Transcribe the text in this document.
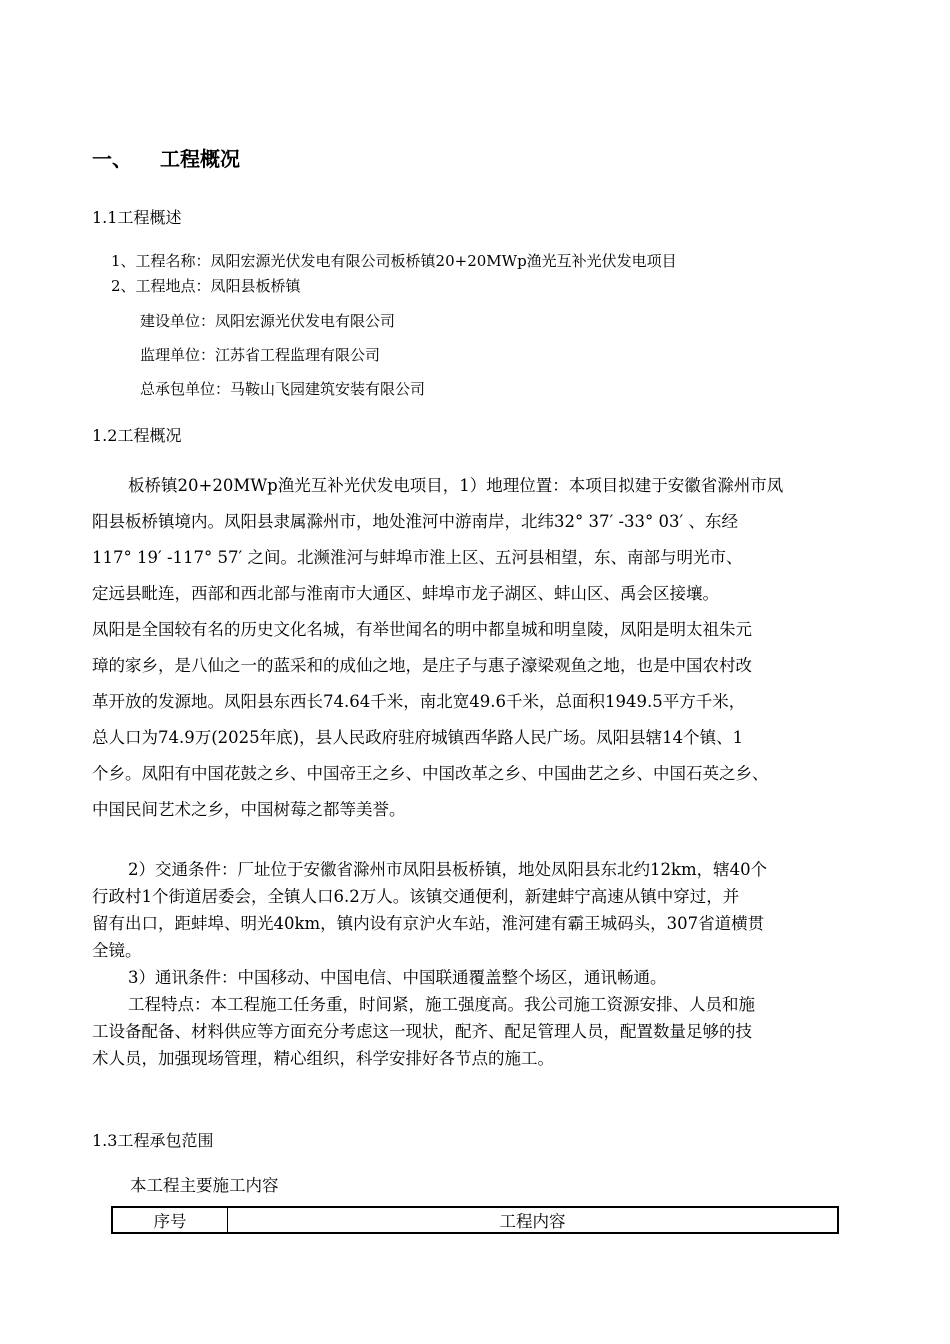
一、 工程概况
1.1工程概述
1、工程名称：凤阳宏源光伏发电有限公司板桥镇20+20MWp渔光互补光伏发电项目
2、工程地点：凤阳县板桥镇
建设单位：凤阳宏源光伏发电有限公司
监理单位：江苏省工程监理有限公司
总承包单位：马鞍山飞园建筑安装有限公司
1.2工程概况
板桥镇20+20MWp渔光互补光伏发电项目，1）地理位置：本项目拟建于安徽省滁州市凤
阳县板桥镇境内。凤阳县隶属滁州市，地处淮河中游南岸，北纬32° 37′ -33° 03′ 、东经
117° 19′ -117° 57′ 之间。北濒淮河与蚌埠市淮上区、五河县相望，东、南部与明光市、
定远县毗连，西部和西北部与淮南市大通区、蚌埠市龙子湖区、蚌山区、禹会区接壤。
凤阳是全国较有名的历史文化名城，有举世闻名的明中都皇城和明皇陵，凤阳是明太祖朱元
璋的家乡，是八仙之一的蓝采和的成仙之地，是庄子与惠子濠梁观鱼之地，也是中国农村改
革开放的发源地。凤阳县东西长74.64千米，南北宽49.6千米，总面积1949.5平方千米，
总人口为74.9万(2025年底)，县人民政府驻府城镇西华路人民广场。凤阳县辖14个镇、1
个乡。凤阳有中国花鼓之乡、中国帝王之乡、中国改革之乡、中国曲艺之乡、中国石英之乡、
中国民间艺术之乡，中国树莓之都等美誉。
2）交通条件：厂址位于安徽省滁州市凤阳县板桥镇，地处凤阳县东北约12km，辖40个
行政村1个街道居委会，全镇人口6.2万人。该镇交通便利，新建蚌宁高速从镇中穿过，并
留有出口，距蚌埠、明光40km，镇内设有京沪火车站，淮河建有霸王城码头，307省道横贯
全镜。
3）通讯条件：中国移动、中国电信、中国联通覆盖整个场区，通讯畅通。
工程特点：本工程施工任务重，时间紧，施工强度高。我公司施工资源安排、人员和施
工设备配备、材料供应等方面充分考虑这一现状，配齐、配足管理人员，配置数量足够的技
术人员，加强现场管理，精心组织，科学安排好各节点的施工。
1.3工程承包范围
本工程主要施工内容
序号	工程内容
